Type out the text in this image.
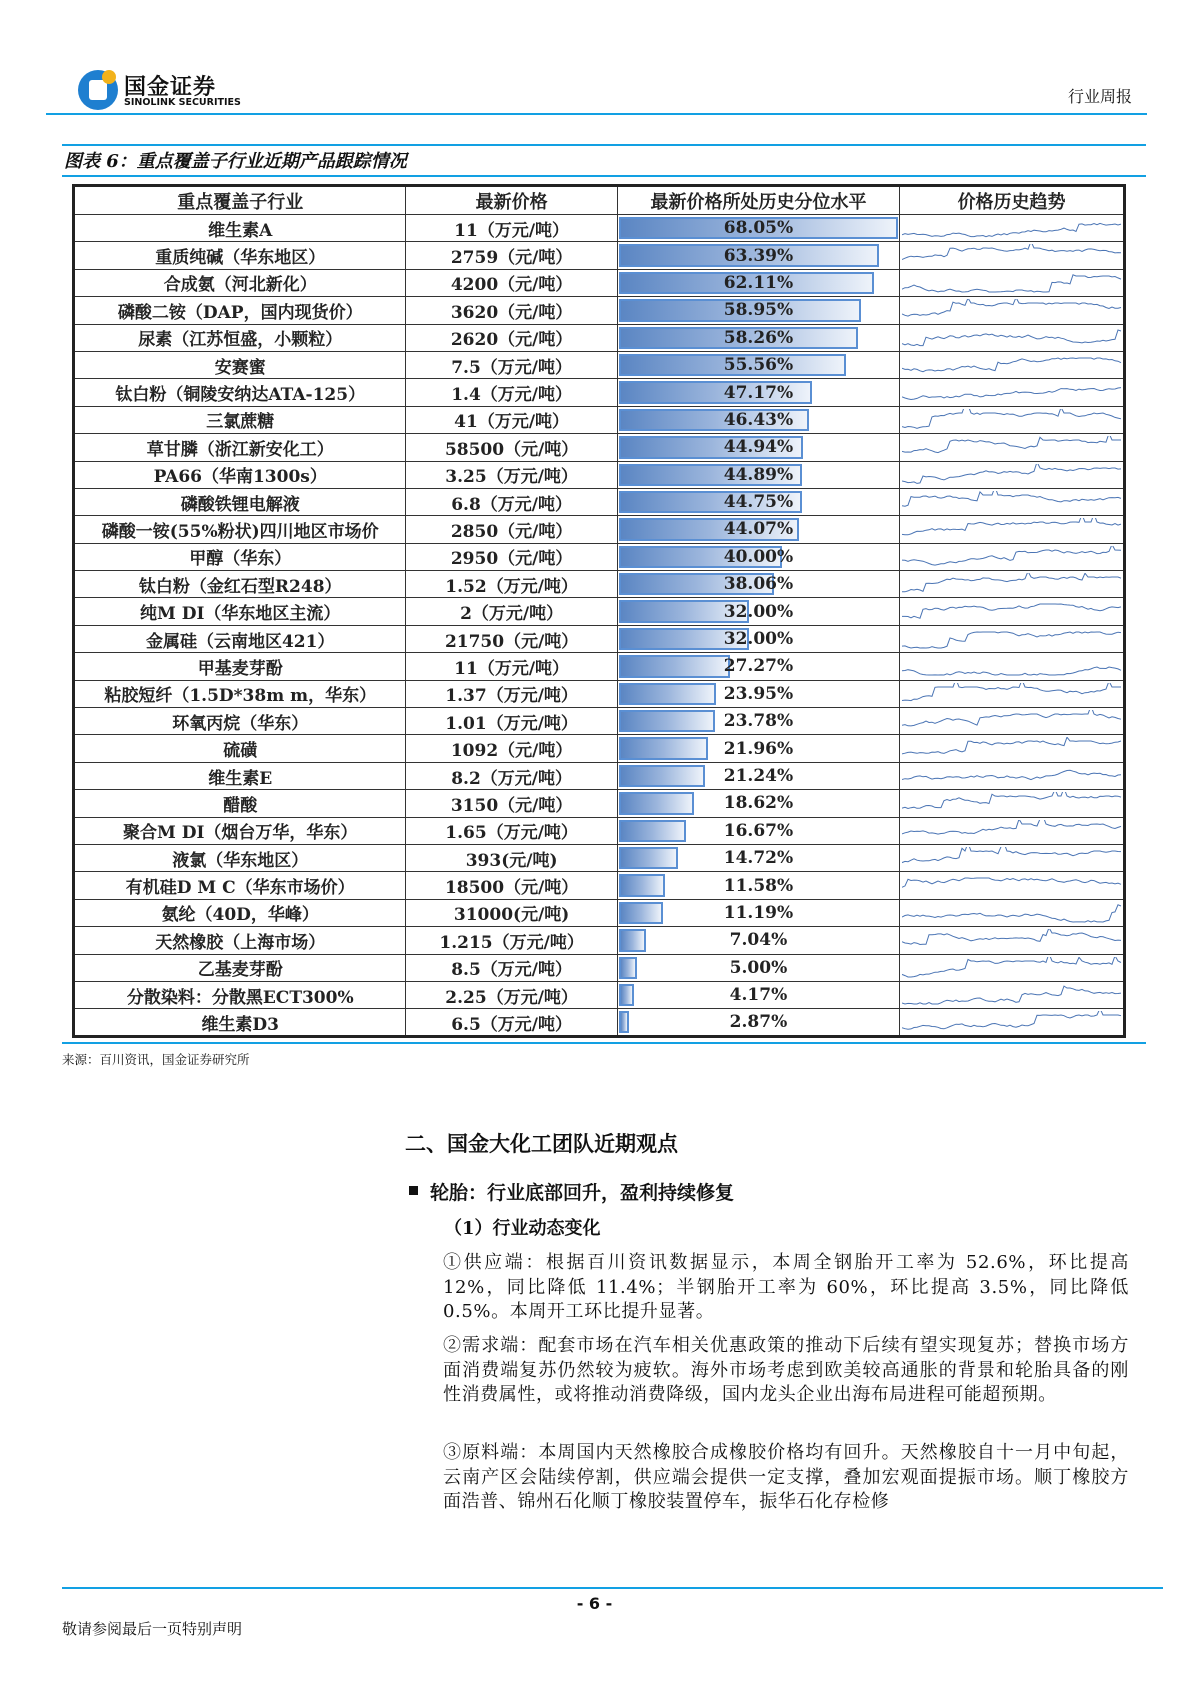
国金证券
SINOLINK SECURITIES	行业周报
图表 6：重点覆盖子行业近期产品跟踪情况
重点覆盖子行业	最新价格	最新价格所处历史分位水平	价格历史趋势
维生素A	11（万元/吨）	68.05%	

重质纯碱（华东地区）	2759（元/吨）	63.39%	

合成氨（河北新化）	4200（元/吨）	62.11%	

磷酸二铵（DAP，国内现货价）	3620（元/吨）	58.95%	

尿素（江苏恒盛，小颗粒）	2620（元/吨）	58.26%	

安赛蜜	7.5（万元/吨）	55.56%	

钛白粉（铜陵安纳达ATA-125）	1.4（万元/吨）	47.17%	

三氯蔗糖	41（万元/吨）	46.43%	

草甘膦（浙江新安化工）	58500（元/吨）	44.94%	

PA66（华南1300s）	3.25（万元/吨）	44.89%	

磷酸铁锂电解液	6.8（万元/吨）	44.75%	

磷酸一铵(55%粉状)四川地区市场价	2850（元/吨）	44.07%	

甲醇（华东）	2950（元/吨）	40.00%	

钛白粉（金红石型R248）	1.52（万元/吨）	38.06%	

纯M DI（华东地区主流）	2（万元/吨）	32.00%	

金属硅（云南地区421）	21750（元/吨）	32.00%	

甲基麦芽酚	11（万元/吨）	27.27%	

粘胶短纤（1.5D*38m m，华东）	1.37（万元/吨）	23.95%	

环氧丙烷（华东）	1.01（万元/吨）	23.78%	

硫磺	1092（元/吨）	21.96%	

维生素E	8.2（万元/吨）	21.24%	

醋酸	3150（元/吨）	18.62%	

聚合M DI（烟台万华，华东）	1.65（万元/吨）	16.67%	

液氯（华东地区）	393(元/吨)	14.72%	

有机硅D M C（华东市场价）	18500（元/吨）	11.58%	

氨纶（40D，华峰）	31000(元/吨)	11.19%	

天然橡胶（上海市场）	1.215（万元/吨）	7.04%	

乙基麦芽酚	8.5（万元/吨）	5.00%	

分散染料：分散黑ECT300%	2.25（万元/吨）	4.17%	

维生素D3	6.5（万元/吨）	2.87%	
来源：百川资讯，国金证券研究所
二、国金大化工团队近期观点
轮胎：行业底部回升，盈利持续修复
（1）行业动态变化
①供应端：根据百川资讯数据显示，本周全钢胎开工率为 52.6%，环比提高 12%，同比降低 11.4%；半钢胎开工率为 60%，环比提高 3.5%，同比降低 0.5%。本周开工环比提升显著。
②需求端：配套市场在汽车相关优惠政策的推动下后续有望实现复苏；替换市场方面消费端复苏仍然较为疲软。海外市场考虑到欧美较高通胀的背景和轮胎具备的刚性消费属性，或将推动消费降级，国内龙头企业出海布局进程可能超预期。
③原料端：本周国内天然橡胶合成橡胶价格均有回升。天然橡胶自十一月中旬起，云南产区会陆续停割，供应端会提供一定支撑，叠加宏观面提振市场。顺丁橡胶方面浩普、锦州石化顺丁橡胶装置停车，振华石化存检修
- 6 -
敬请参阅最后一页特别声明
